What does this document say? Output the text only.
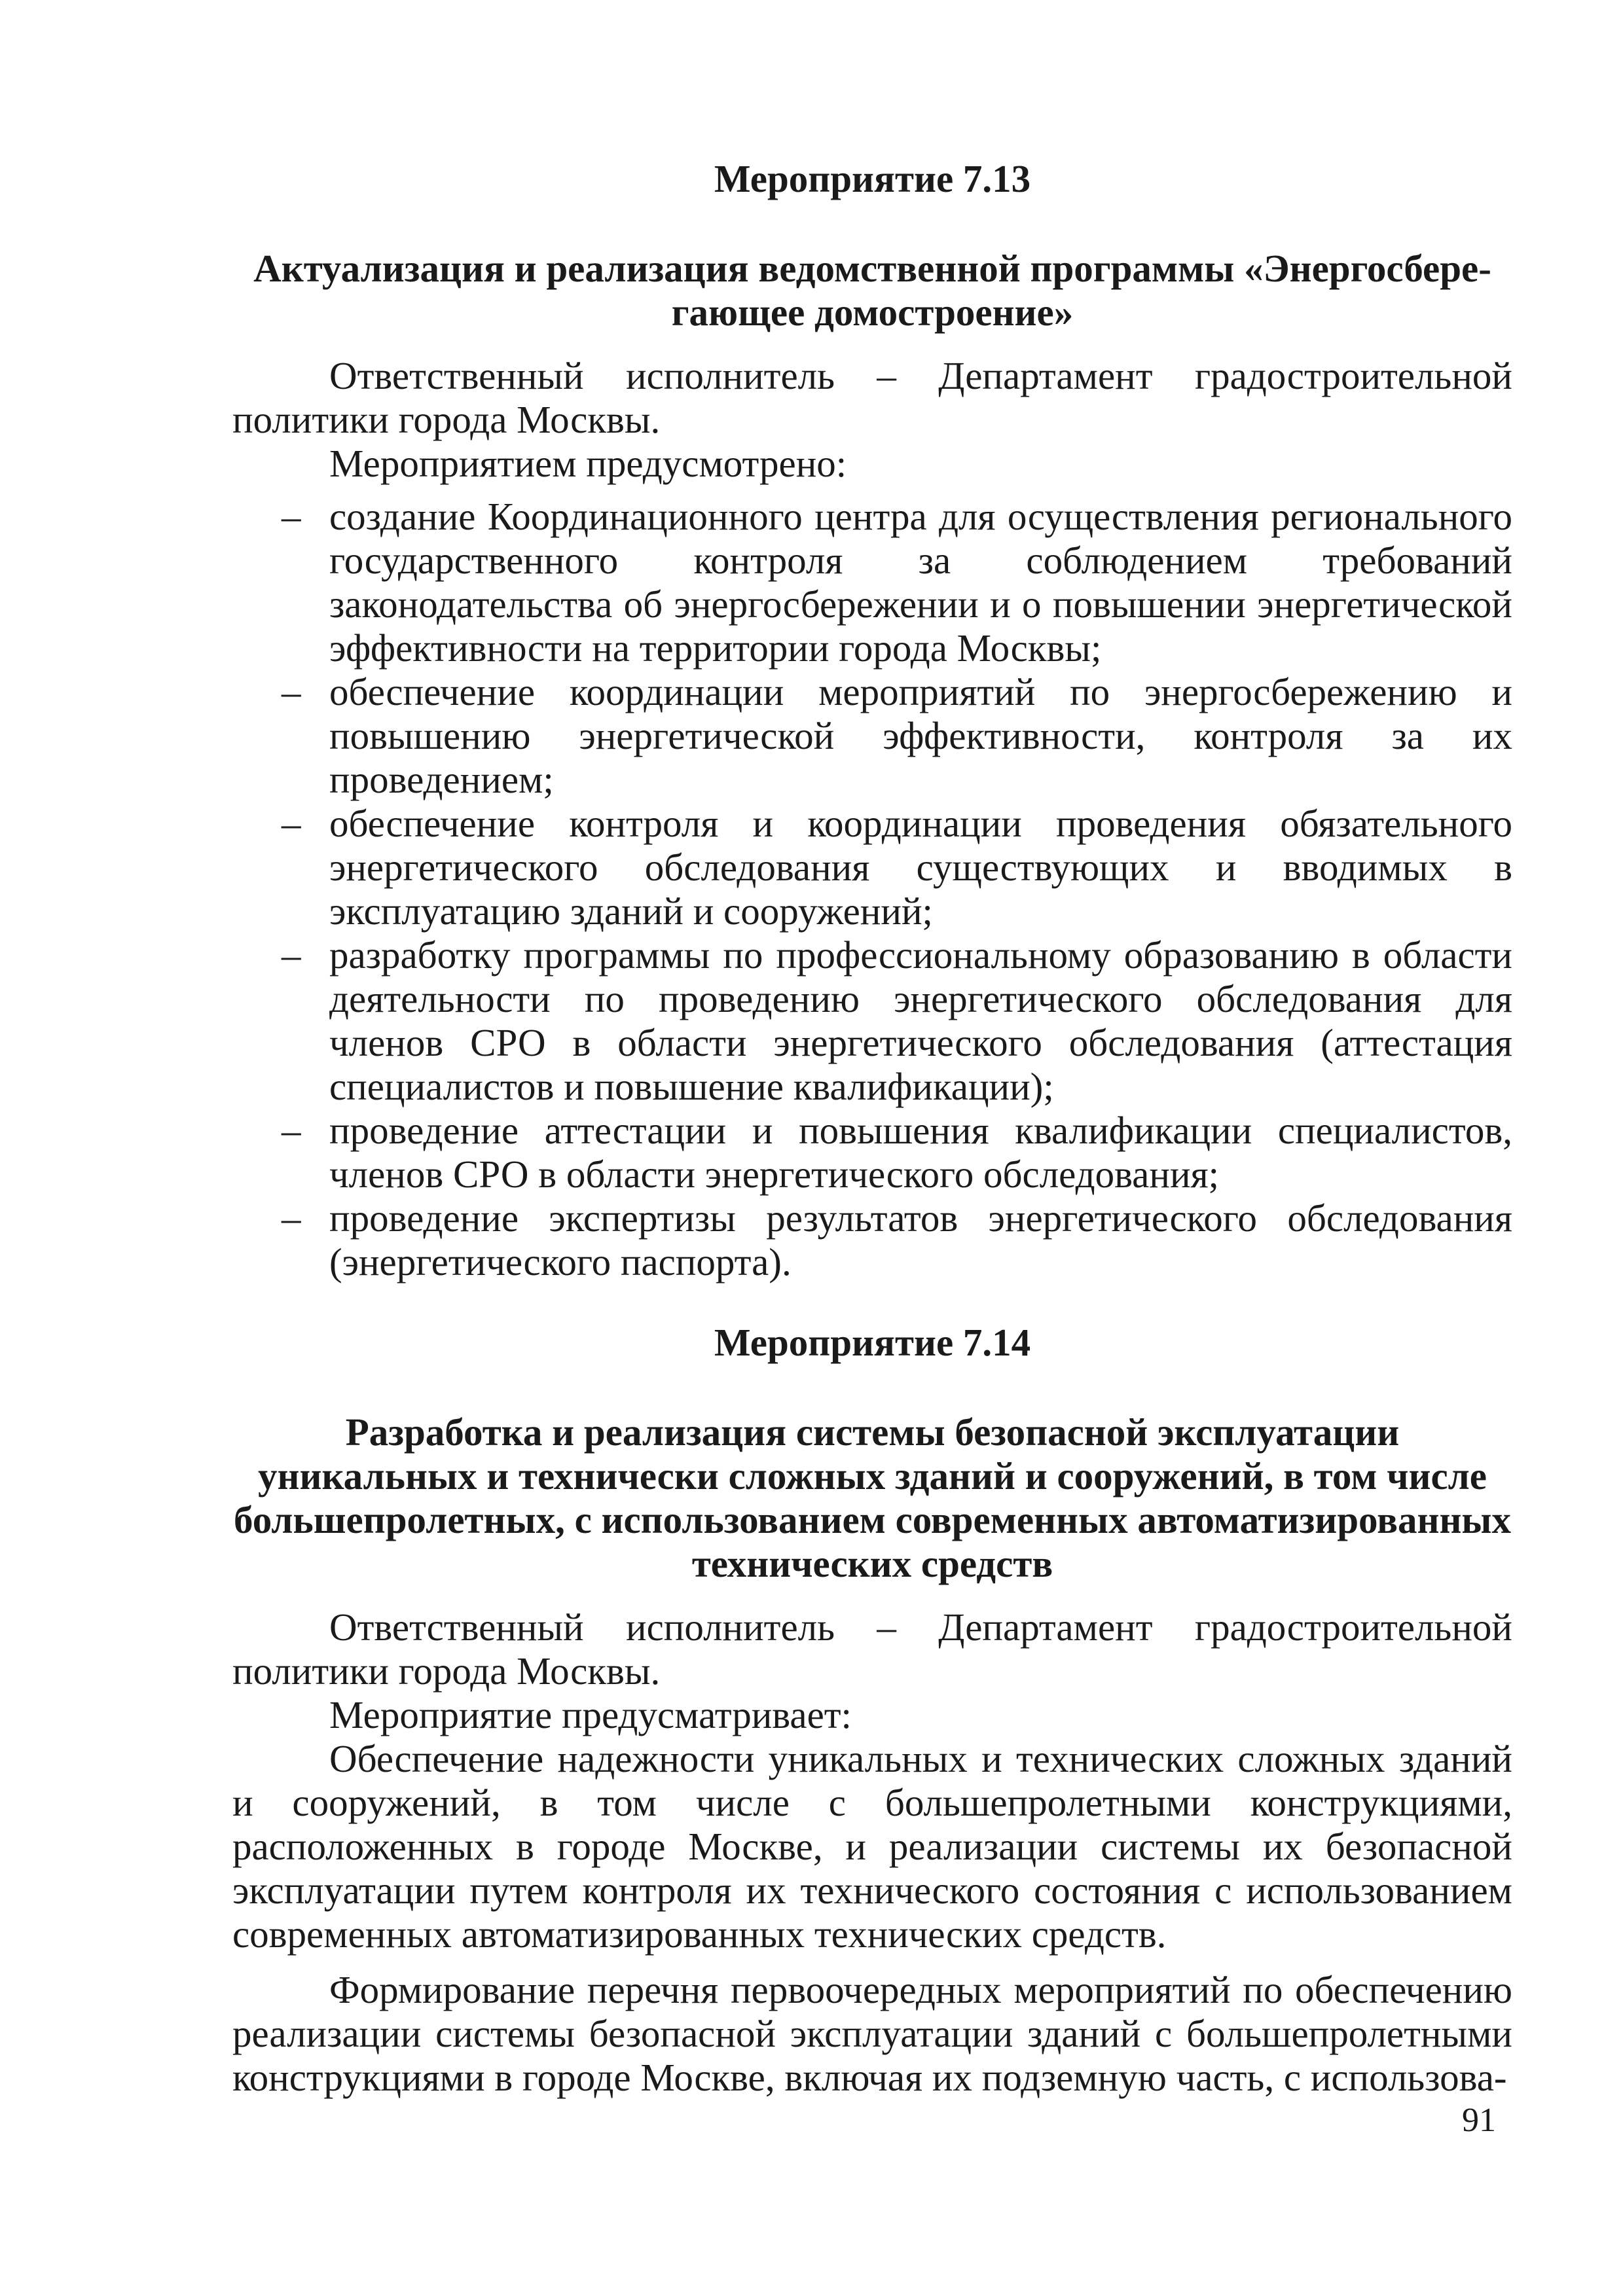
Мероприятие 7.13
Актуализация и реализация ведомственной программы «Энергосбере-гающее домостроение»

Ответственный исполнитель – Департамент градостроительной политики города Москвы.

Мероприятием предусмотрено:

– создание Координационного центра для осуществления регионального государственного контроля за соблюдением требований законодательства об энергосбережении и о повышении энергетической эффективности на территории города Москвы;
– обеспечение координации мероприятий по энергосбережению и повышению энергетической эффективности, контроля за их проведением;
– обеспечение контроля и координации проведения обязательного энергетического обследования существующих и вводимых в эксплуатацию зданий и сооружений;
– разработку программы по профессиональному образованию в области деятельности по проведению энергетического обследования для членов СРО в области энергетического обследования (аттестация специалистов и повышение квалификации);
– проведение аттестации и повышения квалификации специалистов, членов СРО в области энергетического обследования;
– проведение экспертизы результатов энергетического обследования (энергетического паспорта).
Мероприятие 7.14
Разработка и реализация системы безопасной эксплуатации уникальных и технически сложных зданий и сооружений, в том числе большепролетных, с использованием современных автоматизированных технических средств

Ответственный исполнитель – Департамент градостроительной политики города Москвы.

Мероприятие предусматривает:

Обеспечение надежности уникальных и технических сложных зданий и сооружений, в том числе с большепролетными конструкциями, расположенных в городе Москве, и реализации системы их безопасной эксплуатации путем контроля их технического состояния с использованием современных автоматизированных технических средств.

Формирование перечня первоочередных мероприятий по обеспечению реализации системы безопасной эксплуатации зданий с большепролетными конструкциями в городе Москве, включая их подземную часть, с использова-

91
